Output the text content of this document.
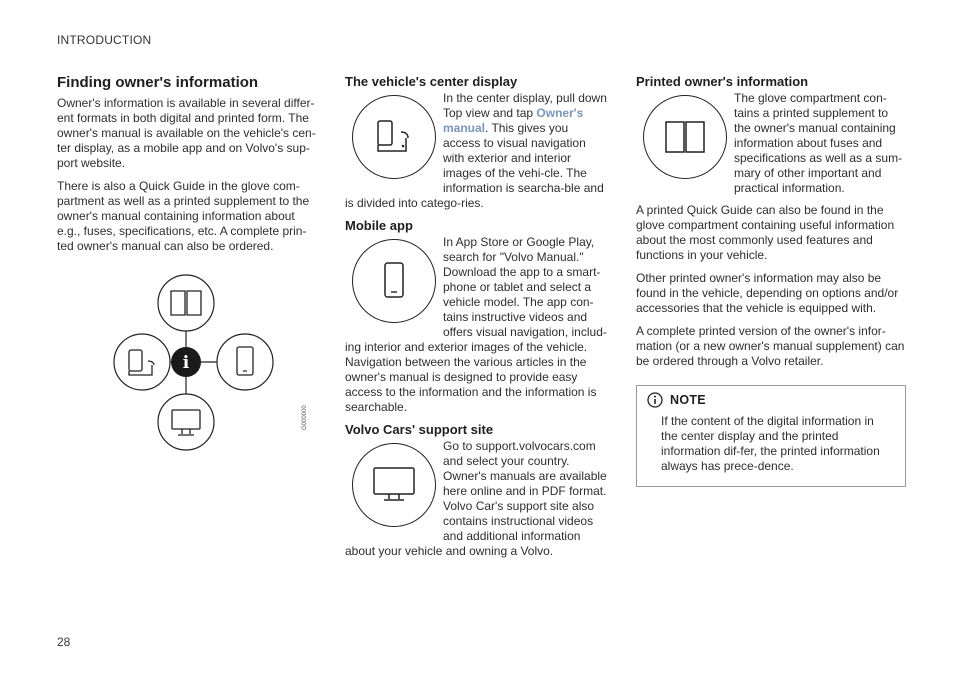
INTRODUCTION
Finding owner's information

Owner's information is available in several differ-ent formats in both digital and printed form. The owner's manual is available on the vehicle's cen-ter display, as a mobile app and on Volvo's sup-port website.

There is also a Quick Guide in the glove com-partment as well as a printed supplement to the owner's manual containing information about e.g., fuses, specifications, etc. A complete prin-ted owner's manual can also be ordered.

i
G000000
The vehicle's center display

In the center display, pull down Top view and tap Owner's manual. This gives you access to visual navigation with exterior and interior images of the vehi-cle. The information is searcha-ble and is divided into catego-ries.

Mobile app

In App Store or Google Play, search for "Volvo Manual." Download the app to a smart-phone or tablet and select a vehicle model. The app con-tains instructive videos and offers visual navigation, includ-ing interior and exterior images of the vehicle. Navigation between the various articles in the owner's manual is designed to provide easy access to the information and the information is searchable.

Volvo Cars' support site

Go to support.volvocars.com and select your country. Owner's manuals are available here online and in PDF format. Volvo Car's support site also contains instructional videos and additional information about your vehicle and owning a Volvo.

Printed owner's information

The glove compartment con-tains a printed supplement to the owner's manual containing information about fuses and specifications as well as a sum-mary of other important and practical information.

A printed Quick Guide can also be found in the glove compartment containing useful information about the most commonly used features and functions in your vehicle.

Other printed owner's information may also be found in the vehicle, depending on options and/or accessories that the vehicle is equipped with.

A complete printed version of the owner's infor-mation (or a new owner's manual supplement) can be ordered through a Volvo retailer.

NOTE

If the content of the digital information in the center display and the printed information dif-fer, the printed information always has prece-dence.

28
